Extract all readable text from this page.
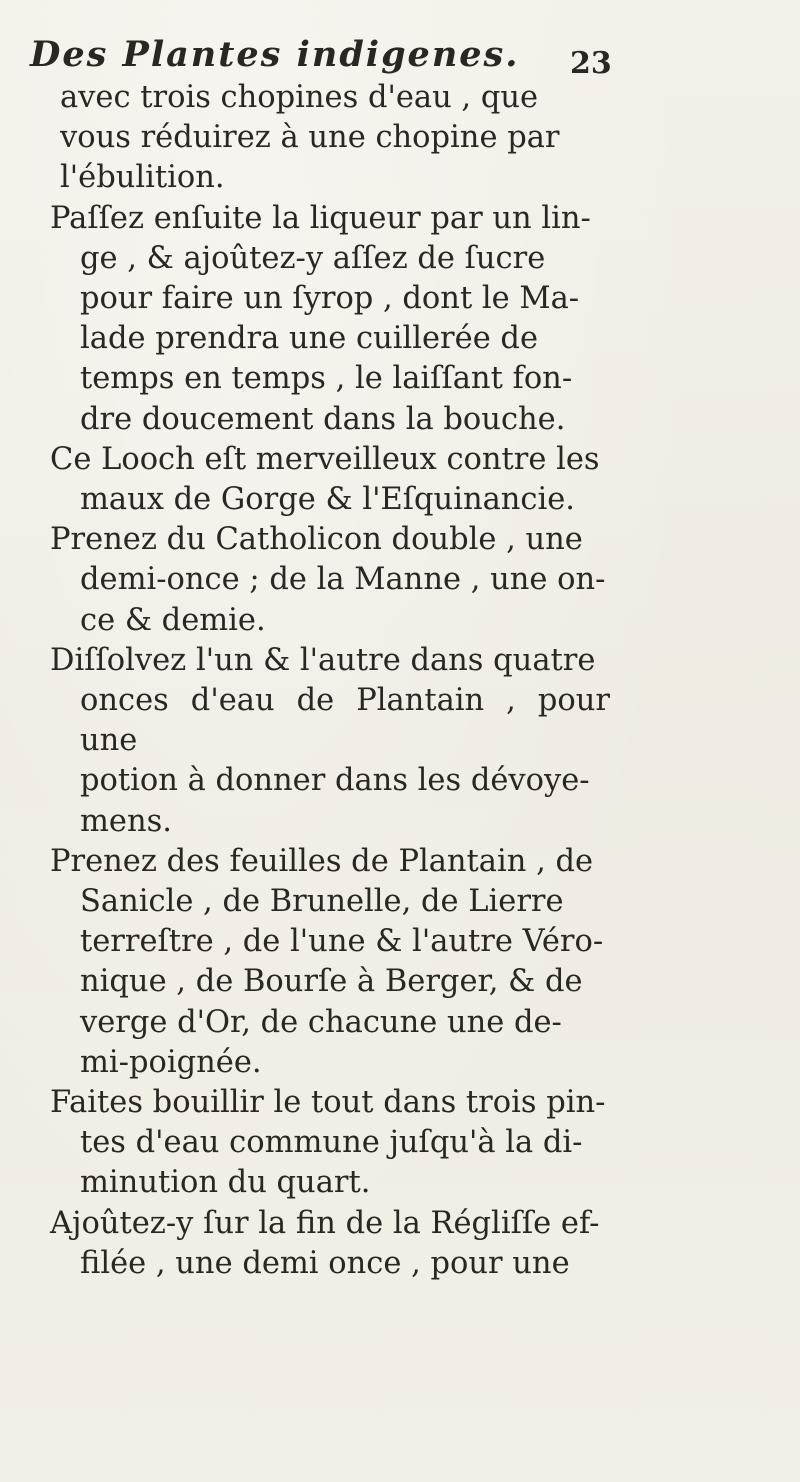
Des Plantes indigenes.	23

avec trois chopines d'eau , que
vous réduirez à une chopine par
l'ébulition.

Paſſez enſuite la liqueur par un lin-
ge , & ajoûtez-y aſſez de ſucre
pour faire un ſyrop , dont le Ma-
lade prendra une cuillerée de
temps en temps , le laiſſant fon-
dre doucement dans la bouche.

Ce Looch eſt merveilleux contre les
maux de Gorge & l'Eſquinancie.

Prenez du Catholicon double , une
demi-once ; de la Manne , une on-
ce & demie.

Diſſolvez l'un & l'autre dans quatre
onces d'eau de Plantain , pour une
potion à donner dans les dévoye-
mens.

Prenez des feuilles de Plantain , de
Sanicle , de Brunelle, de Lierre
terreſtre , de l'une & l'autre Véro-
nique , de Bourſe à Berger, & de
verge d'Or, de chacune une de-
mi-poignée.

Faites bouillir le tout dans trois pin-
tes d'eau commune juſqu'à la di-
minution du quart.

Ajoûtez-y ſur la fin de la Régliſſe ef-
filée , une demi once , pour une
